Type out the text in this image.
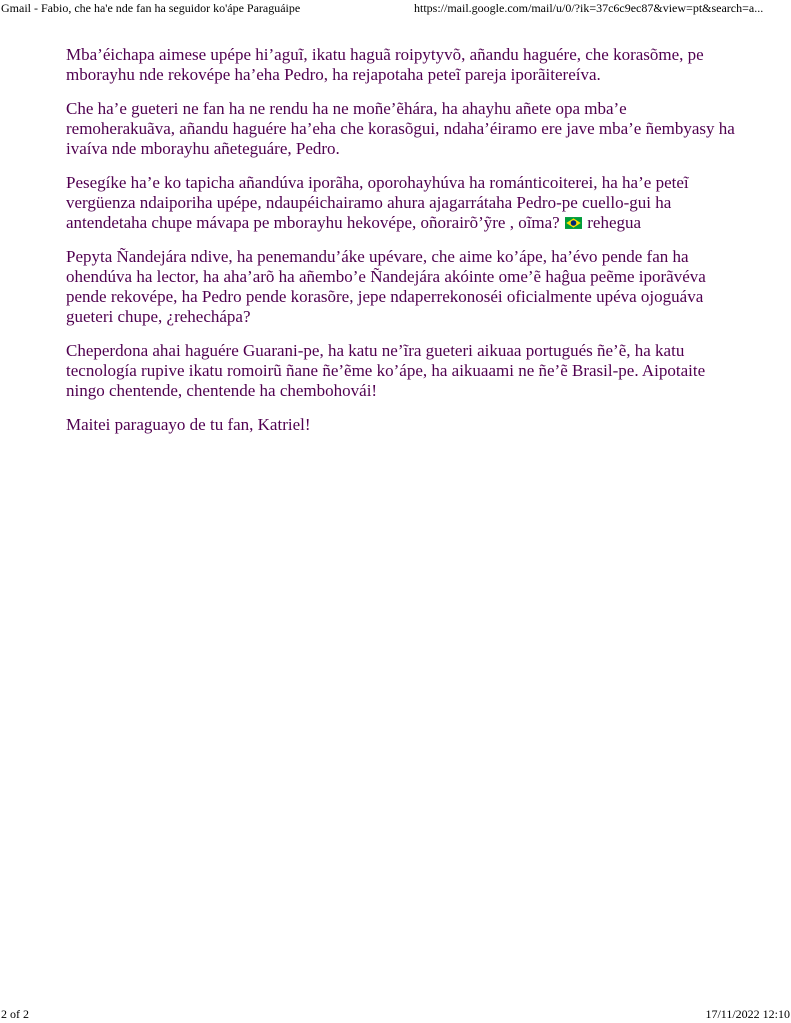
Gmail - Fabio, che ha'e nde fan ha seguidor ko'ápe Paraguáipe	https://mail.google.com/mail/u/0/?ik=37c6c9ec87&view=pt&search=a...

Mba’éichapa aimese upépe hi’aguĩ, ikatu haguã roipytyvõ, añandu haguére, che korasõme, pe mborayhu nde rekovépe ha’eha Pedro, ha rejapotaha peteĩ pareja iporãitereíva.

Che ha’e gueteri ne fan ha ne rendu ha ne moñe’ẽhára, ha ahayhu añete opa mba’e remoherakuãva, añandu haguére ha’eha che korasõgui, ndaha’éiramo ere jave mba’e ñembyasy ha ivaíva nde mborayhu añeteguáre, Pedro.

Pesegíke ha’e ko tapicha añandúva iporãha, oporohayhúva ha románticoiterei, ha ha’e peteĩ vergüenza ndaiporiha upépe, ndaupéichairamo ahura ajagarrátaha Pedro-pe cuello-gui ha antendetaha chupe mávapa pe mborayhu hekovépe, oñorairõ’ỹre , oĩma? rehegua

Pepyta Ñandejára ndive, ha penemandu’áke upévare, che aime ko’ápe, ha’évo pende fan ha ohendúva ha lector, ha aha’arõ ha añembo’e Ñandejára akóinte ome’ẽ haĝua peẽme iporãvéva pende rekovépe, ha Pedro pende korasõre, jepe ndaperrekonoséi oficialmente upéva ojoguáva gueteri chupe, ¿rehechápa?

Cheperdona ahai haguére Guarani-pe, ha katu ne’ĩra gueteri aikuaa portugués ñe’ẽ, ha katu tecnología rupive ikatu romoirũ ñane ñe’ẽme ko’ápe, ha aikuaami ne ñe’ẽ Brasil-pe. Aipotaite ningo chentende, chentende ha chembohovái!

Maitei paraguayo de tu fan, Katriel!

2 of 2	17/11/2022 12:10
